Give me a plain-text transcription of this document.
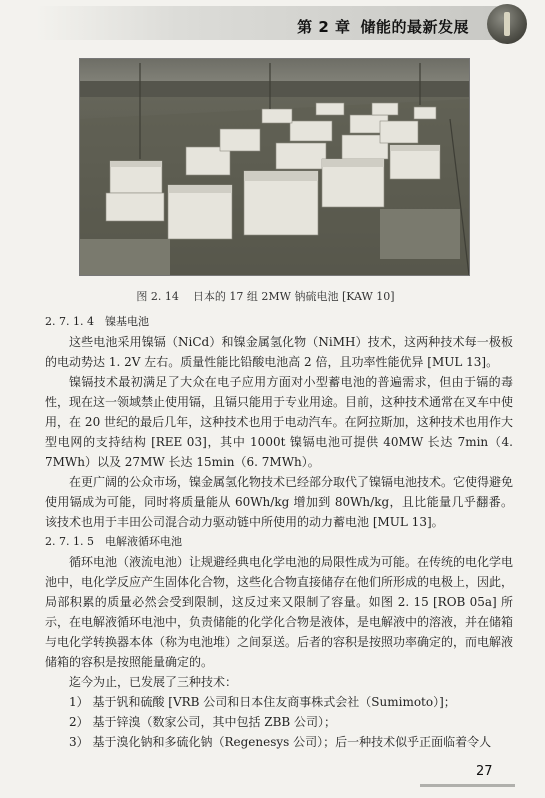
第 2 章 储能的最新发展
图 2. 14 日本的 17 组 2MW 钠硫电池 [KAW 10]

2. 7. 1. 4 镍基电池

这些电池采用镍镉（NiCd）和镍金属氢化物（NiMH）技术，这两种技术每一极板的电动势达 1. 2V 左右。质量性能比铅酸电池高 2 倍，且功率性能优异 [MUL 13]。

镍镉技术最初满足了大众在电子应用方面对小型蓄电池的普遍需求，但由于镉的毒性，现在这一领域禁止使用镉，且镉只能用于专业用途。目前，这种技术通常在叉车中使用，在 20 世纪的最后几年，这种技术也用于电动汽车。在阿拉斯加，这种技术也用作大型电网的支持结构 [REE 03]，其中 1000t 镍镉电池可提供 40MW 长达 7min（4. 7MWh）以及 27MW 长达 15min（6. 7MWh）。

在更广阔的公众市场，镍金属氢化物技术已经部分取代了镍镉电池技术。它使得避免使用镉成为可能，同时将质量能从 60Wh/kg 增加到 80Wh/kg，且比能量几乎翻番。该技术也用于丰田公司混合动力驱动链中所使用的动力蓄电池 [MUL 13]。

2. 7. 1. 5 电解液循环电池

循环电池（液流电池）让规避经典电化学电池的局限性成为可能。在传统的电化学电池中，电化学反应产生固体化合物，这些化合物直接储存在他们所形成的电极上，因此，局部积累的质量必然会受到限制，这反过来又限制了容量。如图 2. 15 [ROB 05a] 所示，在电解液循环电池中，负责储能的化学化合物是液体，是电解液中的溶液，并在储箱与电化学转换器本体（称为电池堆）之间泵送。后者的容积是按照功率确定的，而电解液储箱的容积是按照能量确定的。

迄今为止，已发展了三种技术：

1） 基于钒和硫酸 [VRB 公司和日本住友商事株式会社（Sumimoto）]；

2） 基于锌溴（数家公司，其中包括 ZBB 公司）；

3） 基于溴化钠和多硫化钠（Regenesys 公司）；后一种技术似乎正面临着令人

27
